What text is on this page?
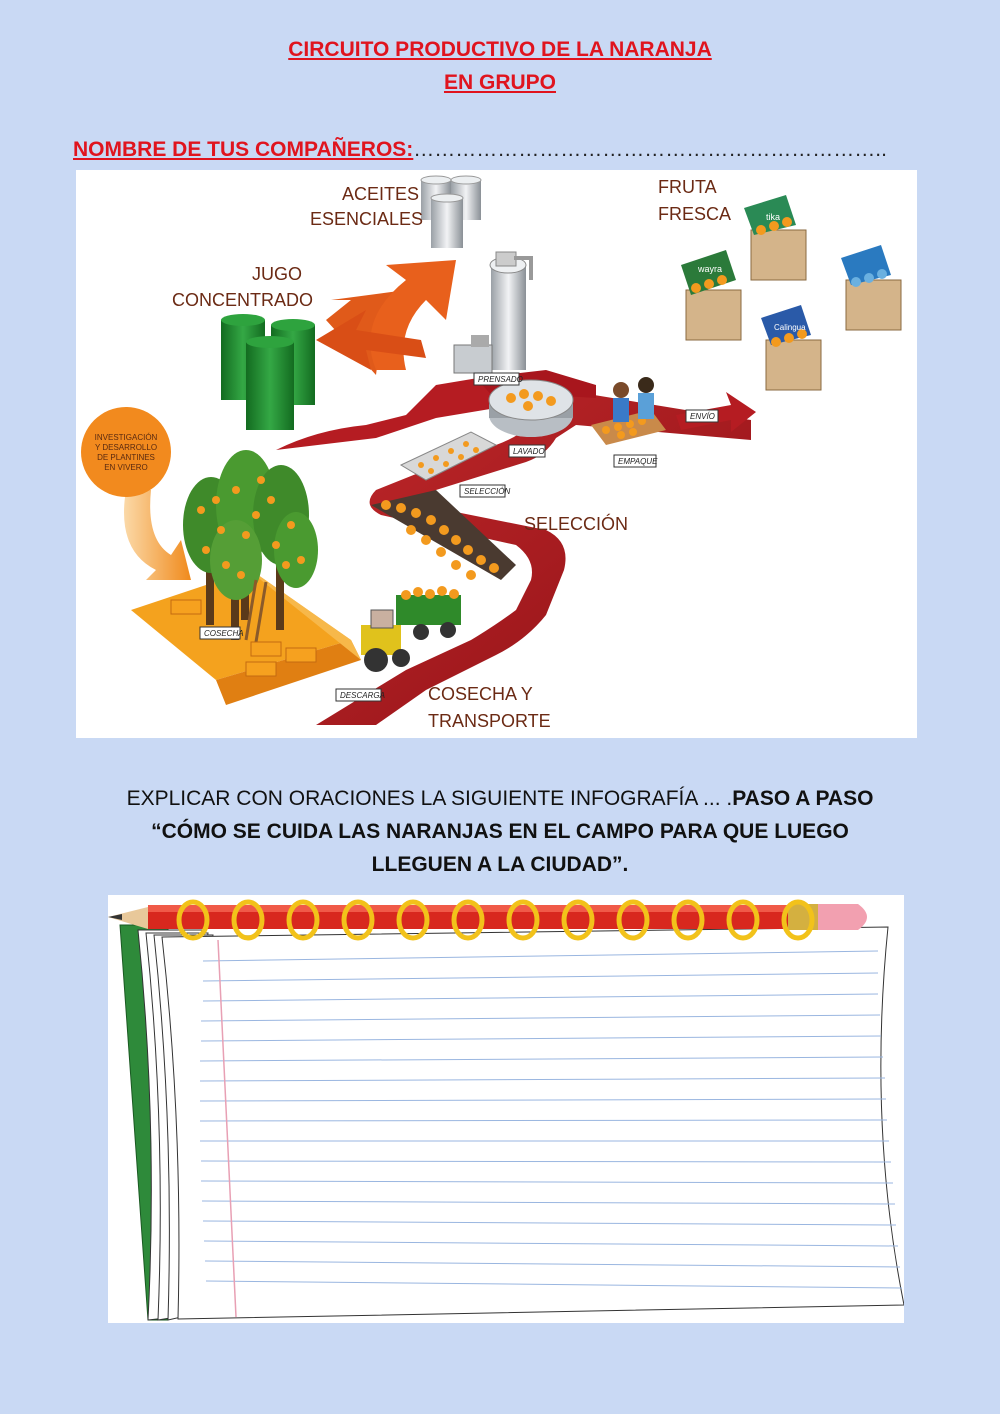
CIRCUITO PRODUCTIVO DE LA NARANJA
EN GRUPO
NOMBRE DE TUS COMPAÑEROS:…………………………………………………………..
wayra
tika
Calingua
ACEITES
ESENCIALES
FRUTA
FRESCA
JUGO
CONCENTRADO
SELECCIÓN
COSECHA Y
TRANSPORTE
INVESTIGACIÓN
Y DESARROLLO
DE PLANTINES
EN VIVERO
PRENSADO
LAVADO
EMPAQUE
ENVÍO
SELECCIÓN
COSECHA
DESCARGA
EXPLICAR CON ORACIONES LA SIGUIENTE INFOGRAFÍA ... .PASO A PASO
“CÓMO SE CUIDA LAS NARANJAS EN EL CAMPO PARA QUE LUEGO
LLEGUEN A LA CIUDAD”.
